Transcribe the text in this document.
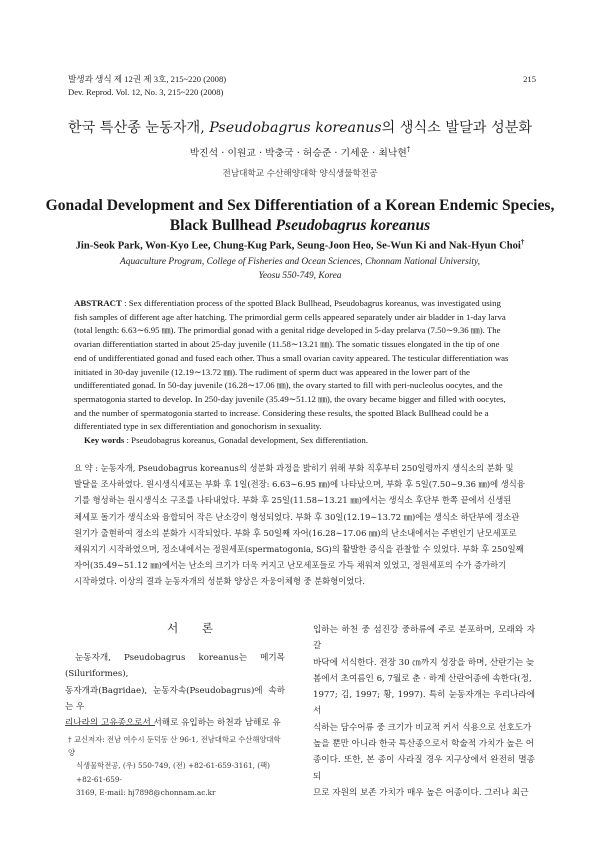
발생과 생식 제 12권 제 3호, 215~220 (2008)
Dev. Reprod. Vol. 12, No. 3, 215~220 (2008)
215
한국 특산종 눈동자개, Pseudobagrus koreanus의 생식소 발달과 성분화
박진석 · 이원교 · 박충국 · 허승준 · 기세운 · 최낙현†
전남대학교 수산해양대학 양식생물학전공
Gonadal Development and Sex Differentiation of a Korean Endemic Species,
Black Bullhead Pseudobagrus koreanus
Jin-Seok Park, Won-Kyo Lee, Chung-Kug Park, Seung-Joon Heo, Se-Wun Ki and Nak-Hyun Choi†
Aquaculture Program, College of Fisheries and Ocean Sciences, Chonnam National University,
Yeosu 550-749, Korea
ABSTRACT : Sex differentiation process of the spotted Black Bullhead, Pseudobagrus koreanus, was investigated using
fish samples of different age after hatching. The primordial germ cells appeared separately under air bladder in 1-day larva
(total length: 6.63∼6.95 ㎜). The primordial gonad with a genital ridge developed in 5-day prelarva (7.50∼9.36 ㎜). The
ovarian differentiation started in about 25-day juvenile (11.58∼13.21 ㎜). The somatic tissues elongated in the tip of one
end of undifferentiated gonad and fused each other. Thus a small ovarian cavity appeared. The testicular differentiation was
initiated in 30-day juvenile (12.19∼13.72 ㎜). The rudiment of sperm duct was appeared in the lower part of the
undifferentiated gonad. In 50-day juvenile (16.28∼17.06 ㎜), the ovary started to fill with peri-nucleolus oocytes, and the
spermatogonia started to develop. In 250-day juvenile (35.49∼51.12 ㎜), the ovary became bigger and filled with oocytes,
and the number of spermatogonia started to increase. Considering these results, the spotted Black Bullhead could be a
differentiated type in sex differentiation and gonochorism in sexuality.
Key words : Pseudobagrus koreanus, Gonadal development, Sex differentiation.
요 약 : 눈동자개, Pseudobagrus koreanus의 성분화 과정을 밝히기 위해 부화 직후부터 250일령까지 생식소의 분화 및
발달을 조사하였다. 원시생식세포는 부화 후 1일(전장: 6.63∼6.95 ㎜)에 나타났으며, 부화 후 5일(7.50∼9.36 ㎜)에 생식융
기를 형성하는 원시생식소 구조를 나타내었다. 부화 후 25일(11.58∼13.21 ㎜)에서는 생식소 후단부 한쪽 끝에서 신생된
체세포 돌기가 생식소와 융합되어 작은 난소강이 형성되었다. 부화 후 30일(12.19∼13.72 ㎜)에는 생식소 하단부에 정소관
원기가 출현하여 정소의 분화가 시작되었다. 부화 후 50일째 자어(16.28∼17.06 ㎜)의 난소내에서는 주변인기 난모세포로
채워지기 시작하였으며, 정소내에서는 정원세포(spermatogonia, SG)의 활발한 증식을 관찰할 수 있었다. 부화 후 250일째
자어(35.49∼51.12 ㎜)에서는 난소의 크기가 더욱 커지고 난모세포들로 가득 채워져 있었고, 정원세포의 수가 증가하기
시작하였다. 이상의 결과 눈동자개의 성분화 양상은 자웅이체형 중 분화형이었다.
서 론
눈동자개, Pseudobagrus koreanus는 메기목(Siluriformes),
동자개과(Bagridae), 눈동자속(Pseudobagrus)에 속하는 우
리나라의 고유종으로서 서해로 유입하는 하천과 남해로 유
† 교신저자: 전남 여수시 둔덕동 산 96-1, 전남대학교 수산해양대학 양
식생물학전공, (우) 550-749, (전) +82-61-659-3161, (팩) +82-61-659-
3169, E-mail: hj7898@chonnam.ac.kr
입하는 하천 중 섬진강 중하류에 주로 분포하며, 모래와 자갈
바닥에 서식한다. 전장 30 ㎝까지 성장을 하며, 산란기는 늦
봄에서 초여름인 6, 7월로 춘 · 하계 산란어종에 속한다(정,
1977; 김, 1997; 황, 1997). 특히 눈동자개는 우리나라에 서
식하는 담수어류 중 크기가 비교적 커서 식용으로 선호도가
높을 뿐만 아니라 한국 특산종으로서 학술적 가치가 높은 어
종이다. 또한, 본 종이 사라질 경우 지구상에서 완전히 멸종되
므로 자원의 보존 가치가 매우 높은 어종이다. 그러나 최근
